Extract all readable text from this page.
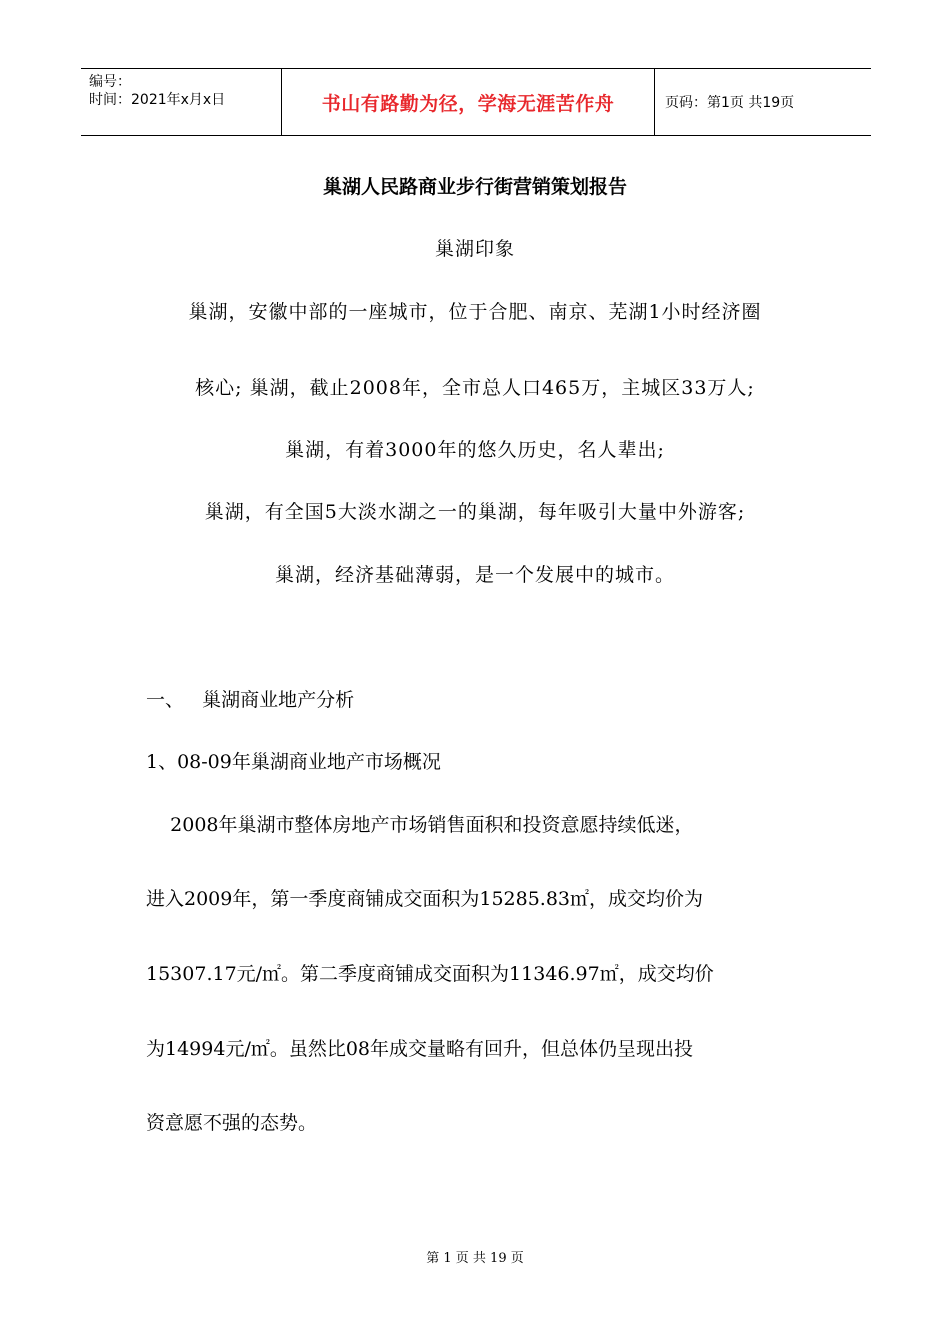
编号：
时间：2021年x月x日	书山有路勤为径，学海无涯苦作舟	页码：第1页 共19页
巢湖人民路商业步行街营销策划报告
巢湖印象
巢湖，安徽中部的一座城市，位于合肥、南京、芜湖1小时经济圈
核心; 巢湖，截止2008年，全市总人口465万，主城区33万人;
巢湖，有着3000年的悠久历史，名人辈出;
巢湖，有全国5大淡水湖之一的巢湖，每年吸引大量中外游客;
巢湖，经济基础薄弱，是一个发展中的城市。
一、   巢湖商业地产分析
1、08-09年巢湖商业地产市场概况
2008年巢湖市整体房地产市场销售面积和投资意愿持续低迷，
进入2009年，第一季度商铺成交面积为15285.83㎡，成交均价为
15307.17元/㎡。第二季度商铺成交面积为11346.97㎡，成交均价
为14994元/㎡。虽然比08年成交量略有回升，但总体仍呈现出投
资意愿不强的态势。
第 1 页 共 19 页
